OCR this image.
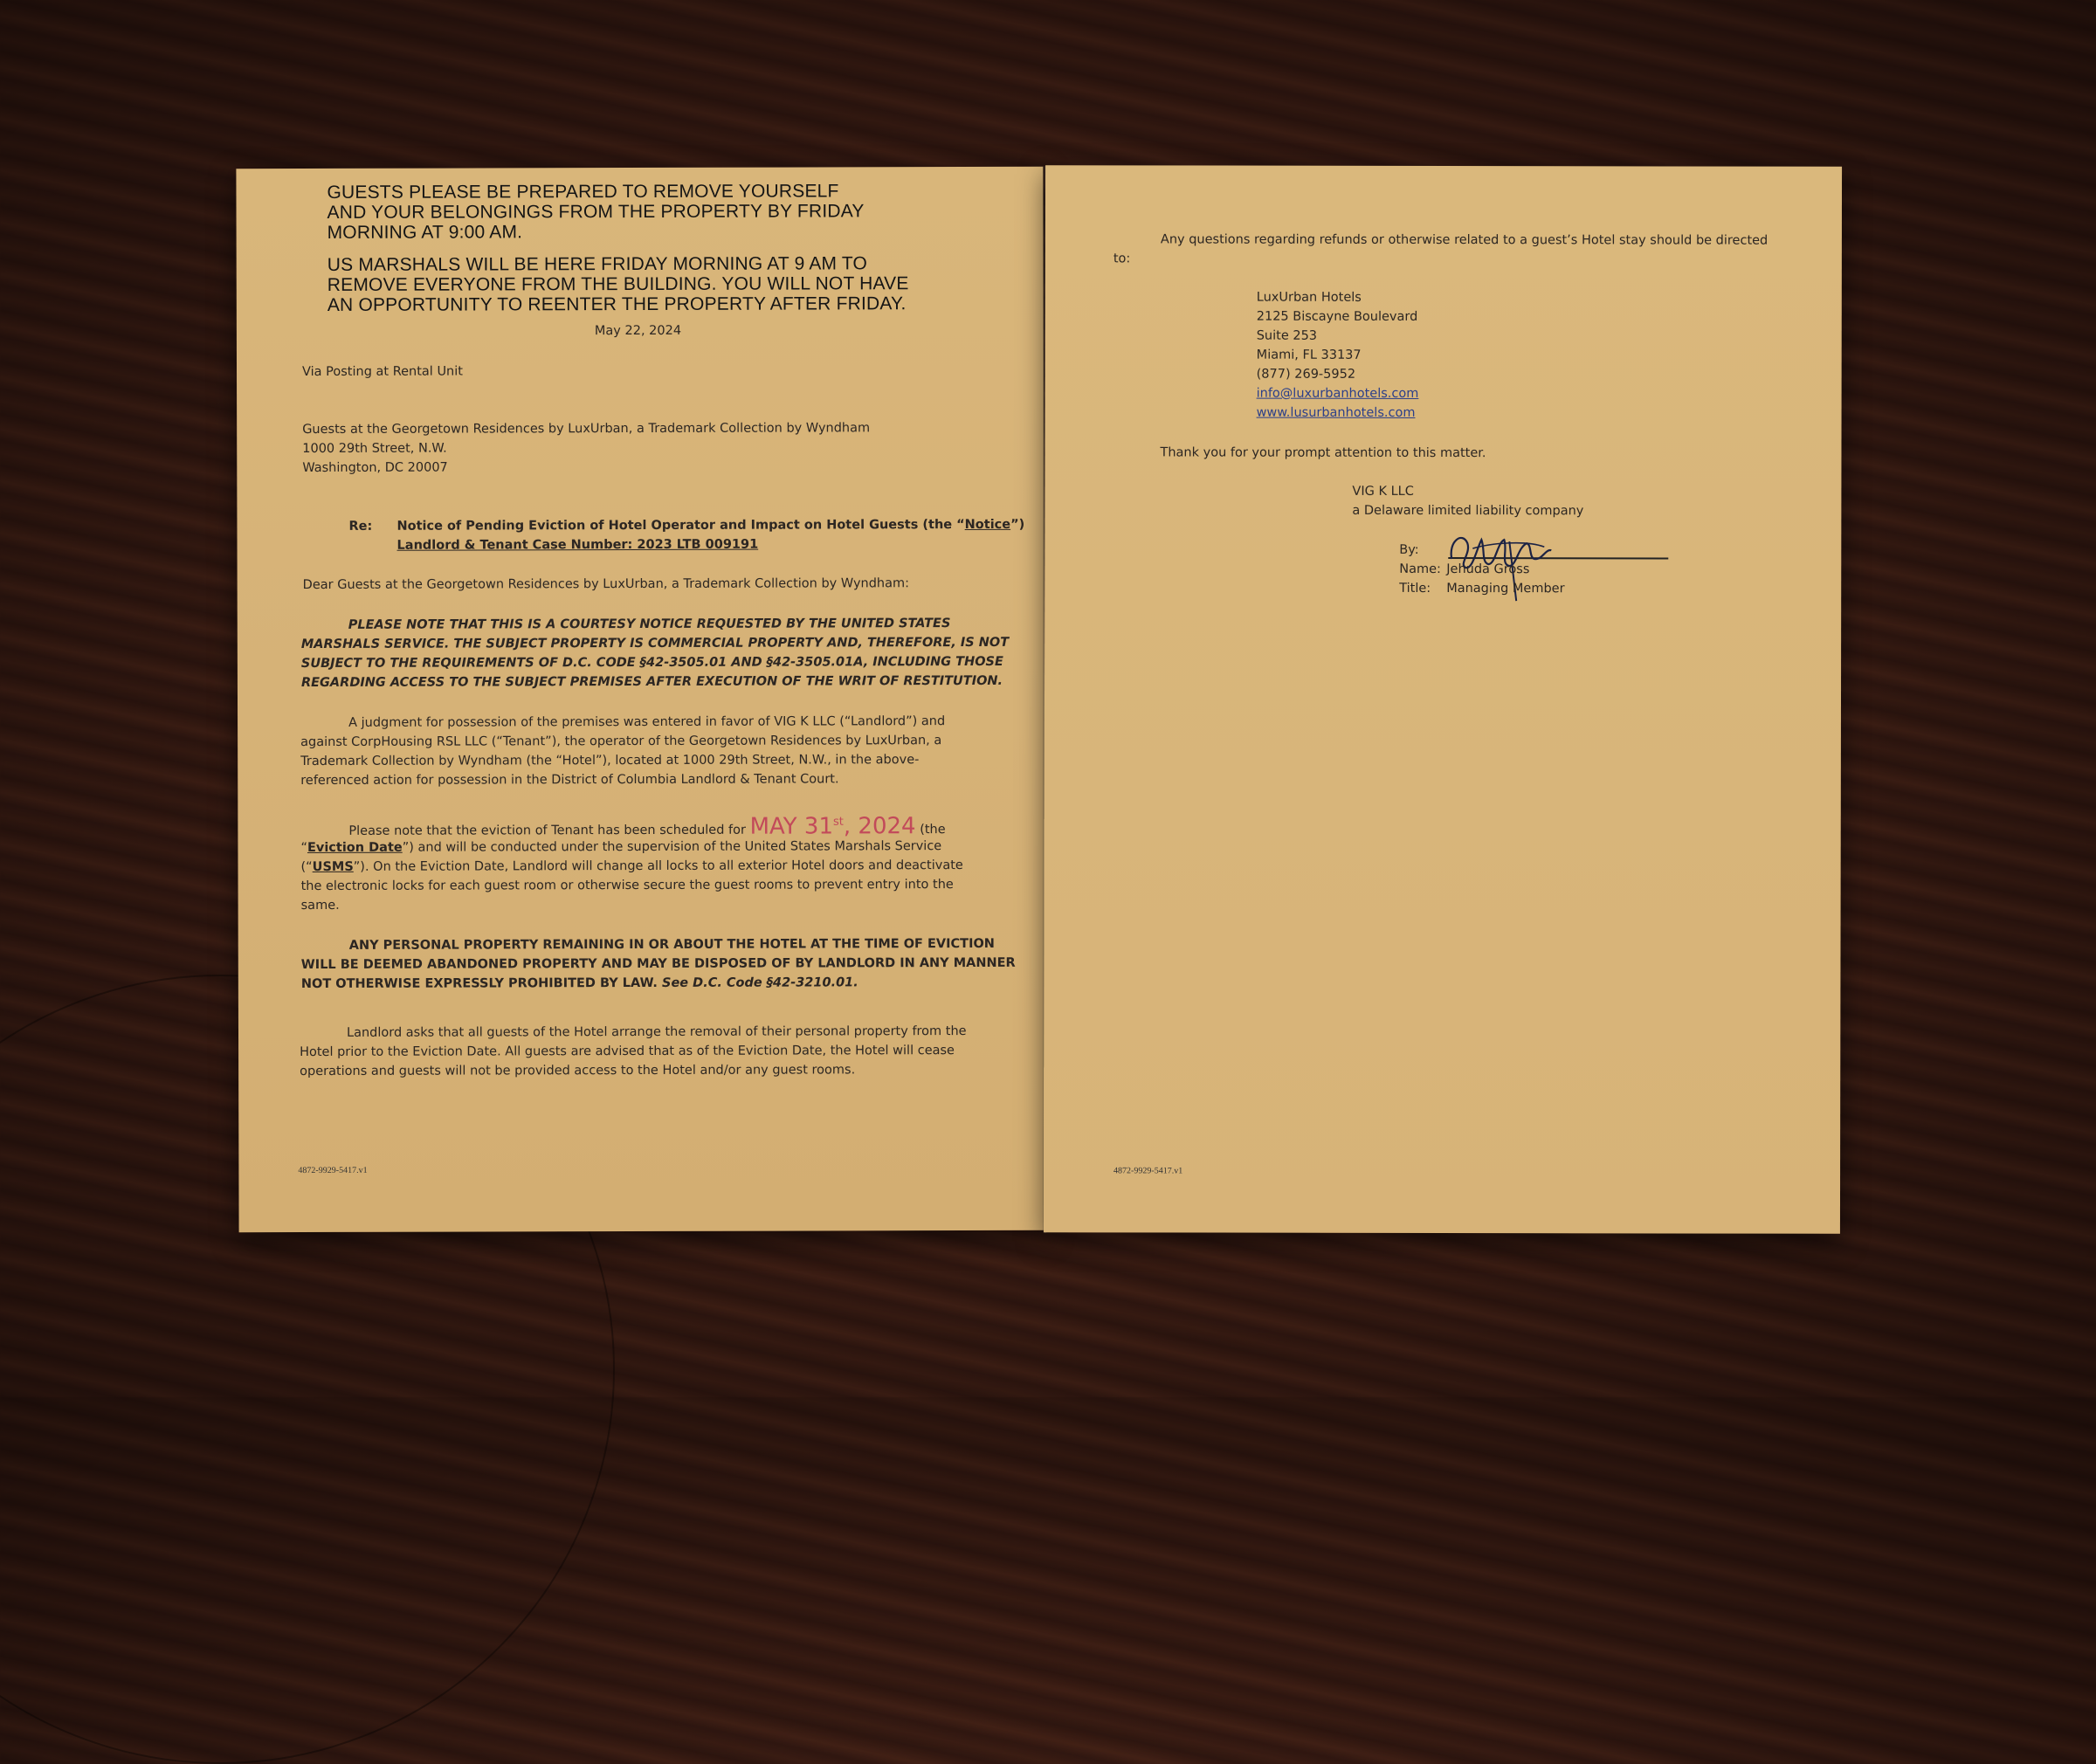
GUESTS PLEASE BE PREPARED TO REMOVE YOURSELF

AND YOUR BELONGINGS FROM THE PROPERTY BY FRIDAY

MORNING AT 9:00 AM.

US MARSHALS WILL BE HERE FRIDAY MORNING AT 9 AM TO

REMOVE EVERYONE FROM THE BUILDING. YOU WILL NOT HAVE

AN OPPORTUNITY TO REENTER THE PROPERTY AFTER FRIDAY.

May 22, 2024

Via Posting at Rental Unit

Guests at the Georgetown Residences by LuxUrban, a Trademark Collection by Wyndham

1000 29th Street, N.W.

Washington, DC 20007

Re: Notice of Pending Eviction of Hotel Operator and Impact on Hotel Guests (the “Notice”)

Landlord & Tenant Case Number: 2023 LTB 009191

Dear Guests at the Georgetown Residences by LuxUrban, a Trademark Collection by Wyndham:

PLEASE NOTE THAT THIS IS A COURTESY NOTICE REQUESTED BY THE UNITED STATES

MARSHALS SERVICE. THE SUBJECT PROPERTY IS COMMERCIAL PROPERTY AND, THEREFORE, IS NOT

SUBJECT TO THE REQUIREMENTS OF D.C. CODE §42-3505.01 AND §42-3505.01A, INCLUDING THOSE

REGARDING ACCESS TO THE SUBJECT PREMISES AFTER EXECUTION OF THE WRIT OF RESTITUTION.

A judgment for possession of the premises was entered in favor of VIG K LLC (“Landlord”) and

against CorpHousing RSL LLC (“Tenant”), the operator of the Georgetown Residences by LuxUrban, a

Trademark Collection by Wyndham (the “Hotel”), located at 1000 29th Street, N.W., in the above-

referenced action for possession in the District of Columbia Landlord & Tenant Court.

Please note that the eviction of Tenant has been scheduled for MAY 31st, 2024 (the

“Eviction Date”) and will be conducted under the supervision of the United States Marshals Service

(“USMS”). On the Eviction Date, Landlord will change all locks to all exterior Hotel doors and deactivate

the electronic locks for each guest room or otherwise secure the guest rooms to prevent entry into the

same.

ANY PERSONAL PROPERTY REMAINING IN OR ABOUT THE HOTEL AT THE TIME OF EVICTION

WILL BE DEEMED ABANDONED PROPERTY AND MAY BE DISPOSED OF BY LANDLORD IN ANY MANNER

NOT OTHERWISE EXPRESSLY PROHIBITED BY LAW. See D.C. Code §42-3210.01.

Landlord asks that all guests of the Hotel arrange the removal of their personal property from the

Hotel prior to the Eviction Date. All guests are advised that as of the Eviction Date, the Hotel will cease

operations and guests will not be provided access to the Hotel and/or any guest rooms.

4872-9929-5417.v1

Any questions regarding refunds or otherwise related to a guest’s Hotel stay should be directed

to:

LuxUrban Hotels

2125 Biscayne Boulevard

Suite 253

Miami, FL 33137

(877) 269-5952

info@luxurbanhotels.com

www.lusurbanhotels.com

Thank you for your prompt attention to this matter.

VIG K LLC

a Delaware limited liability company

By:

Name: Jehuda Gross

Title: Managing Member

4872-9929-5417.v1
